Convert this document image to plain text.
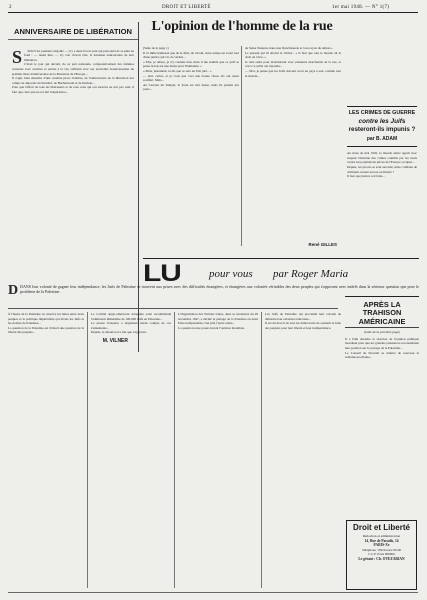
2	DROIT ET LIBERTÉ	1er mai 1948. — N° 1(7)
ANNIVERSAIRE DE LIBÉRATION

S SOUS les premiers dégoûts — il y a deux forces juin qui prévoient de se plier au fond : — tenait hier, — n'y voir d'avoir tôle, la lointaine anniversaire de leur libération.
C'était le jour qui devrait, de sa part nationale, comparativement des femmes torturées avec sourires et rendre à la vie, reflètent avec ses nouvelles bouleversantes du premier mois d'anniversaire de la libération de l'Europe...
Il s'agit, bien entendu, d'une certaine place d'ombre, de l'anniversaire de la libération des camps de déportés du Struthof, de Buchenwald et de Dachau...
Pour que l'effort de tous les libérateurs et de tous ceux qui ont survécu ne soit pas vain, il faut que ceux qui en ont fait l'expérience...

M. VILNER
L'opinion de l'homme de la rue
(Suite de la page 1)
Il va mille hameaux que de le dirai, du travail, notre temps est avant tout d'une justice qui vit, de vérités...
« Moi, je refuse, je n'y connais rien, mais il me semble que ce qu'il se passe là-bas est une honte pour l'humanité. »
« Mais, justement, tu dis que ce sera un Etat juif... »
— Oui, certes, et je crois que c'est une bonne chose. Ils ont assez souffert. Mais...
Au Carreau du Temple, la foule est très dense, mais ils parlent des jours...
de Seine Nanterre dans une blanchisserie et à un rayon du dehors...
Le passant qui lit devant la vitrine : « Il faut que tout le monde ait le droit de vivre. »
Je suis entré pour m'entretenir avec plusieurs marchands de la rue, et voici ce qu'ils ont répondu...
— Moi, je pense que les Juifs doivent avoir un pays à eux, comme tout le monde...
René GILLES
LES CRIMES DE GUERRE
contre les Juifs
resteront-ils impunis ?
par B. ADAM
Au mois de mai 1945, le monde entier apprit avec stupeur l'étendue des crimes commis par les nazis contre les populations juives de l'Europe occupée...
Depuis, les procès se sont succédé, mais combien de criminels restent encore en liberté ?
Il faut que justice soit faite...
LU	pour vous par Roger Maria
DDANS leur volonté de gagner leur indépendance, les Juifs de Palestine se trouvent aux prises avec des difficultés étrangères, et étrangères aux volontés véritables des deux peuples qui s'opposent avec intérêt dans la sérieuse question que pose le problème de la Palestine.
À l'heure de la Palestine on observe les luttes entre deux peuples et la politique impérialiste qui divise les Juifs et les Arabes de Palestine...
La question de la Palestine est d'abord une question de la liberté des peuples...
Le Comité anglo-américain d'enquête avait recommandé l'admission immédiate de 100.000 Juifs en Palestine...
La presse française a largement rendu compte de ces événements...
Depuis, la situation n'a fait que s'aggraver.
L'Organisation des Nations Unies, dans sa résolution du 29 novembre 1947, a décidé le partage de la Palestine en deux Etats indépendants, l'un juif, l'autre arabe...
La question reste posée devant l'opinion mondiale.
Les Juifs de Palestine ont proclamé leur volonté de défendre leur existence nationale...
Il est du devoir de tous les démocrates de soutenir la lutte des peuples pour leur liberté et leur indépendance.
APRÈS LA TRAHISON
AMÉRICAINE
(Suite de la première page)
Il a fallu attendre la réaction de l'opinion publique mondiale pour que les grandes puissances reconsidèrent leur position sur le partage de la Palestine...
Le Conseil de Sécurité se réunira de nouveau la semaine prochaine...
Droit et Liberté
Rédaction et administration
14, Rue de Paradis, 14
PARIS-Xe
Téléphone : PROvence 00-00
C.C.P. Paris 000000
Le gérant : Ch. OVEZARIAN
